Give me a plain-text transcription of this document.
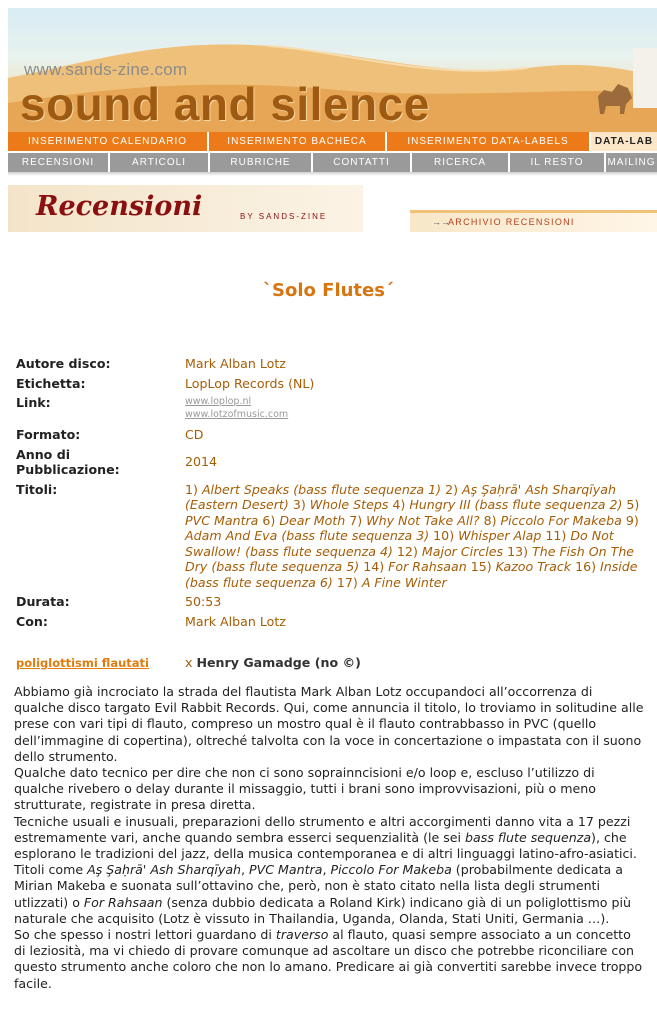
www.sands-zine.com
sound and silence
INSERIMENTO CALENDARIO	INSERIMENTO BACHECA	INSERIMENTO DATA-LABELS	DATA-LAB
RECENSIONI	ARTICOLI	RUBRICHE	CONTATTI	RICERCA	IL RESTO	MAILING
Recensioni	BY SANDS-ZINE
→→
ARCHIVIO RECENSIONI
`Solo Flutes´
Autore disco:	Mark Alban Lotz
Etichetta:	LopLop Records (NL)
Link:	www.loplop.nl
www.lotzofmusic.com

Formato:	CD
Anno di Pubblicazione:	2014
Titoli:	1) Albert Speaks (bass flute sequenza 1) 2) Aş Şaḥrā' Ash Sharqīyah (Eastern Desert) 3) Whole Steps 4) Hungry III (bass flute sequenza 2) 5) PVC Mantra 6) Dear Moth 7) Why Not Take All? 8) Piccolo For Makeba 9) Adam And Eva (bass flute sequenza 3) 10) Whisper Alap 11) Do Not Swallow! (bass flute sequenza 4) 12) Major Circles 13) The Fish On The Dry (bass flute sequenza 5) 14) For Rahsaan 15) Kazoo Track 16) Inside (bass flute sequenza 6) 17) A Fine Winter
Durata:	50:53
Con:	Mark Alban Lotz
poliglottismi flautati	x Henry Gamadge (no ©)

Abbiamo già incrociato la strada del flautista Mark Alban Lotz occupandoci all’occorrenza di qualche disco targato Evil Rabbit Records. Qui, come annuncia il titolo, lo troviamo in solitudine alle prese con vari tipi di flauto, compreso un mostro qual è il flauto contrabbasso in PVC (quello dell’immagine di copertina), oltreché talvolta con la voce in concertazione o impastata con il suono dello strumento.

Qualche dato tecnico per dire che non ci sono soprainncisioni e/o loop e, escluso l’utilizzo di qualche rivebero o delay durante il missaggio, tutti i brani sono improvvisazioni, più o meno strutturate, registrate in presa diretta.

Tecniche usuali e inusuali, preparazioni dello strumento e altri accorgimenti danno vita a 17 pezzi estremamente vari, anche quando sembra esserci sequenzialità (le sei bass flute sequenza), che esplorano le tradizioni del jazz, della musica contemporanea e di altri linguaggi latino-afro-asiatici. Titoli come Aş Şaḥrā' Ash Sharqīyah, PVC Mantra, Piccolo For Makeba (probabilmente dedicata a Mirian Makeba e suonata sull’ottavino che, però, non è stato citato nella lista degli strumenti utlizzati) o For Rahsaan (senza dubbio dedicata a Roland Kirk) indicano già di un poliglottismo più naturale che acquisito (Lotz è vissuto in Thailandia, Uganda, Olanda, Stati Uniti, Germania …).

So che spesso i nostri lettori guardano di traverso al flauto, quasi sempre associato a un concetto di leziosità, ma vi chiedo di provare comunque ad ascoltare un disco che potrebbe riconciliare con questo strumento anche coloro che non lo amano. Predicare ai già convertiti sarebbe invece troppo facile.
